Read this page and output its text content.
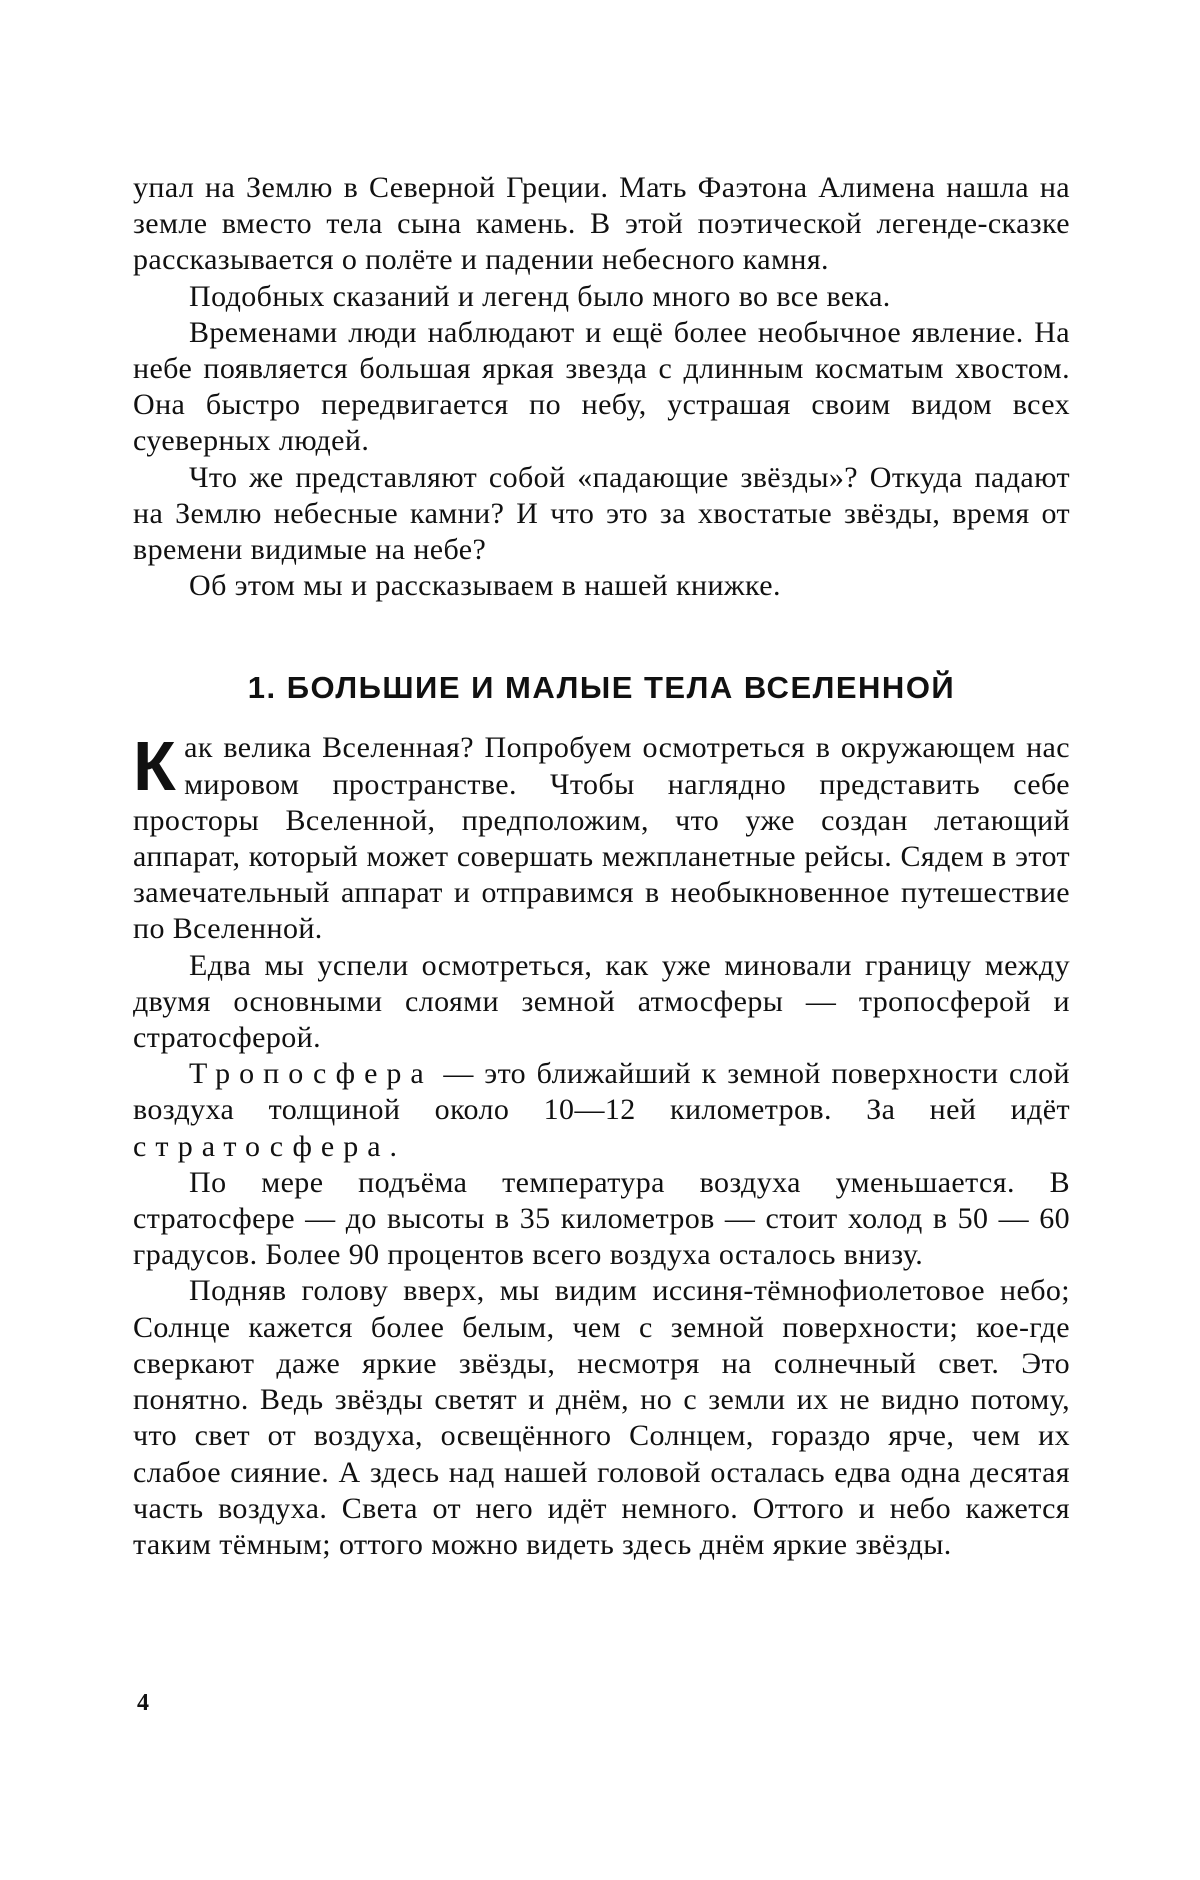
упал на Землю в Северной Греции. Мать Фаэтона Алимена нашла на земле вместо тела сына камень. В этой поэтической легенде-сказке рассказывается о полёте и падении небесного камня.

Подобных сказаний и легенд было много во все века.

Временами люди наблюдают и ещё более необычное явление. На небе появляется большая яркая звезда с длинным косматым хвостом. Она быстро передвигается по небу, устрашая своим видом всех суеверных людей.

Что же представляют собой «падающие звёзды»? Откуда падают на Землю небесные камни? И что это за хвостатые звёзды, время от времени видимые на небе?

Об этом мы и рассказываем в нашей книжке.

1. БОЛЬШИЕ И МАЛЫЕ ТЕЛА ВСЕЛЕННОЙ

К ак велика Вселенная? Попробуем осмотреться в окружающем нас мировом пространстве. Чтобы наглядно представить себе просторы Вселенной, предположим, что уже создан летающий аппарат, который может совершать межпланетные рейсы. Сядем в этот замечательный аппарат и отправимся в необыкновенное путешествие по Вселенной.

Едва мы успели осмотреться, как уже миновали границу между двумя основными слоями земной атмосферы — тропосферой и стратосферой.

Тропосфера — это ближайший к земной поверхности слой воздуха толщиной около 10—12 километров. За ней идёт стратосфера.

По мере подъёма температура воздуха уменьшается. В стратосфере — до высоты в 35 километров — стоит холод в 50 — 60 градусов. Более 90 процентов всего воздуха осталось внизу.

Подняв голову вверх, мы видим иссиня-тёмнофиолетовое небо; Солнце кажется более белым, чем с земной поверхности; кое-где сверкают даже яркие звёзды, несмотря на солнечный свет. Это понятно. Ведь звёзды светят и днём, но с земли их не видно потому, что свет от воздуха, освещённого Солнцем, гораздо ярче, чем их слабое сияние. А здесь над нашей головой осталась едва одна десятая часть воздуха. Света от него идёт немного. Оттого и небо кажется таким тёмным; оттого можно видеть здесь днём яркие звёзды.

4
